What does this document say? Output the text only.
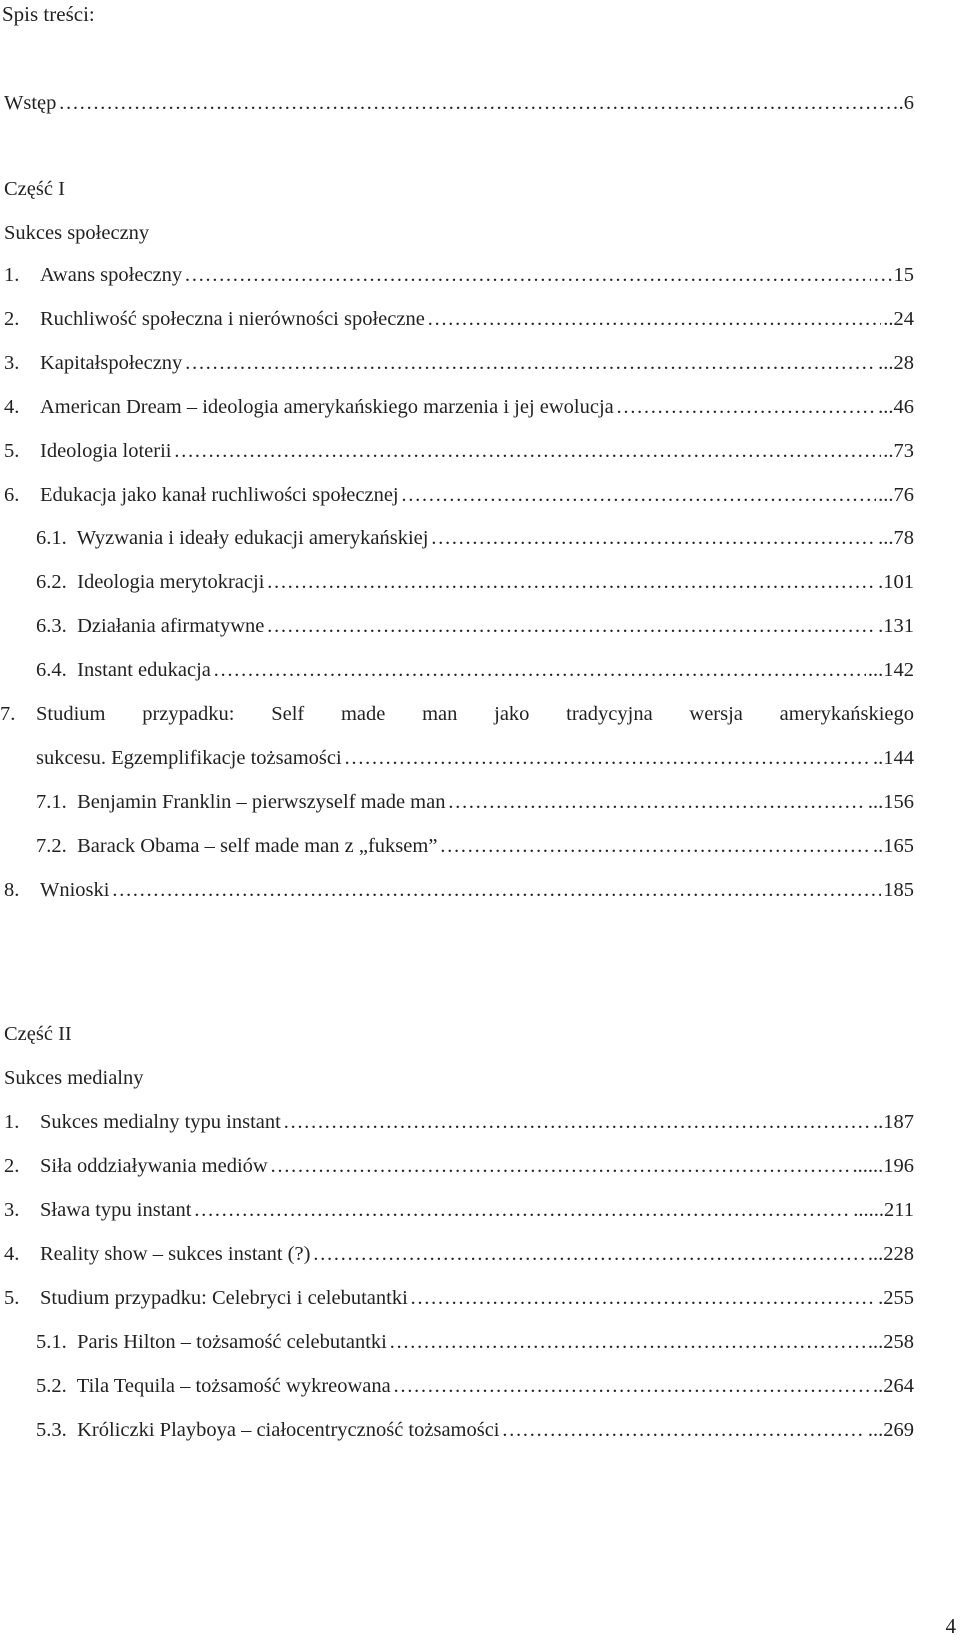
Spis treści:
Wstęp …………………………………………………………………………………………………………………………………………………………………………………………………………	.6
Część I
Sukces społeczny
1. Awans społeczny …………………………………………………………………………………………………………………………………………………………………………………………………………	…15
2. Ruchliwość społeczna i nierówności społeczne …………………………………………………………………………………………………………………………………………………………………………………………………………	..24
3. Kapitałspołeczny …………………………………………………………………………………………………………………………………………………………………………………………………………	...28
4. American Dream – ideologia amerykańskiego marzenia i jej ewolucja …………………………………………………………………………………………………………………………………………………………………………………………………………	...46
5. Ideologia loterii …………………………………………………………………………………………………………………………………………………………………………………………………………	..73
6. Edukacja jako kanał ruchliwości społecznej …………………………………………………………………………………………………………………………………………………………………………………………………………	...76
6.1. Wyzwania i ideały edukacji amerykańskiej …………………………………………………………………………………………………………………………………………………………………………………………………………	...78
6.2. Ideologia merytokracji …………………………………………………………………………………………………………………………………………………………………………………………………………	.101
6.3. Działania afirmatywne …………………………………………………………………………………………………………………………………………………………………………………………………………	.131
6.4. Instant edukacja …………………………………………………………………………………………………………………………………………………………………………………………………………	...142
7.	Studium przypadku: Self made man jako tradycyjna wersja amerykańskiego
sukcesu. Egzemplifikacje tożsamości …………………………………………………………………………………………………………………………………………………………………………………………………………	..144
7.1. Benjamin Franklin – pierwszyself made man …………………………………………………………………………………………………………………………………………………………………………………………………………	...156
7.2. Barack Obama – self made man z „fuksem” …………………………………………………………………………………………………………………………………………………………………………………………………………	..165
8. Wnioski …………………………………………………………………………………………………………………………………………………………………………………………………………	185
Część II
Sukces medialny
1. Sukces medialny typu instant …………………………………………………………………………………………………………………………………………………………………………………………………………	..187
2. Siła oddziaływania mediów …………………………………………………………………………………………………………………………………………………………………………………………………………	......196
3. Sława typu instant …………………………………………………………………………………………………………………………………………………………………………………………………………	......211
4. Reality show – sukces instant (?) …………………………………………………………………………………………………………………………………………………………………………………………………………	...228
5. Studium przypadku: Celebryci i celebutantki …………………………………………………………………………………………………………………………………………………………………………………………………………	.255
5.1. Paris Hilton – tożsamość celebutantki …………………………………………………………………………………………………………………………………………………………………………………………………………	...258
5.2. Tila Tequila – tożsamość wykreowana …………………………………………………………………………………………………………………………………………………………………………………………………………	..264
5.3. Króliczki Playboya – ciałocentryczność tożsamości …………………………………………………………………………………………………………………………………………………………………………………………………………	...269
4
